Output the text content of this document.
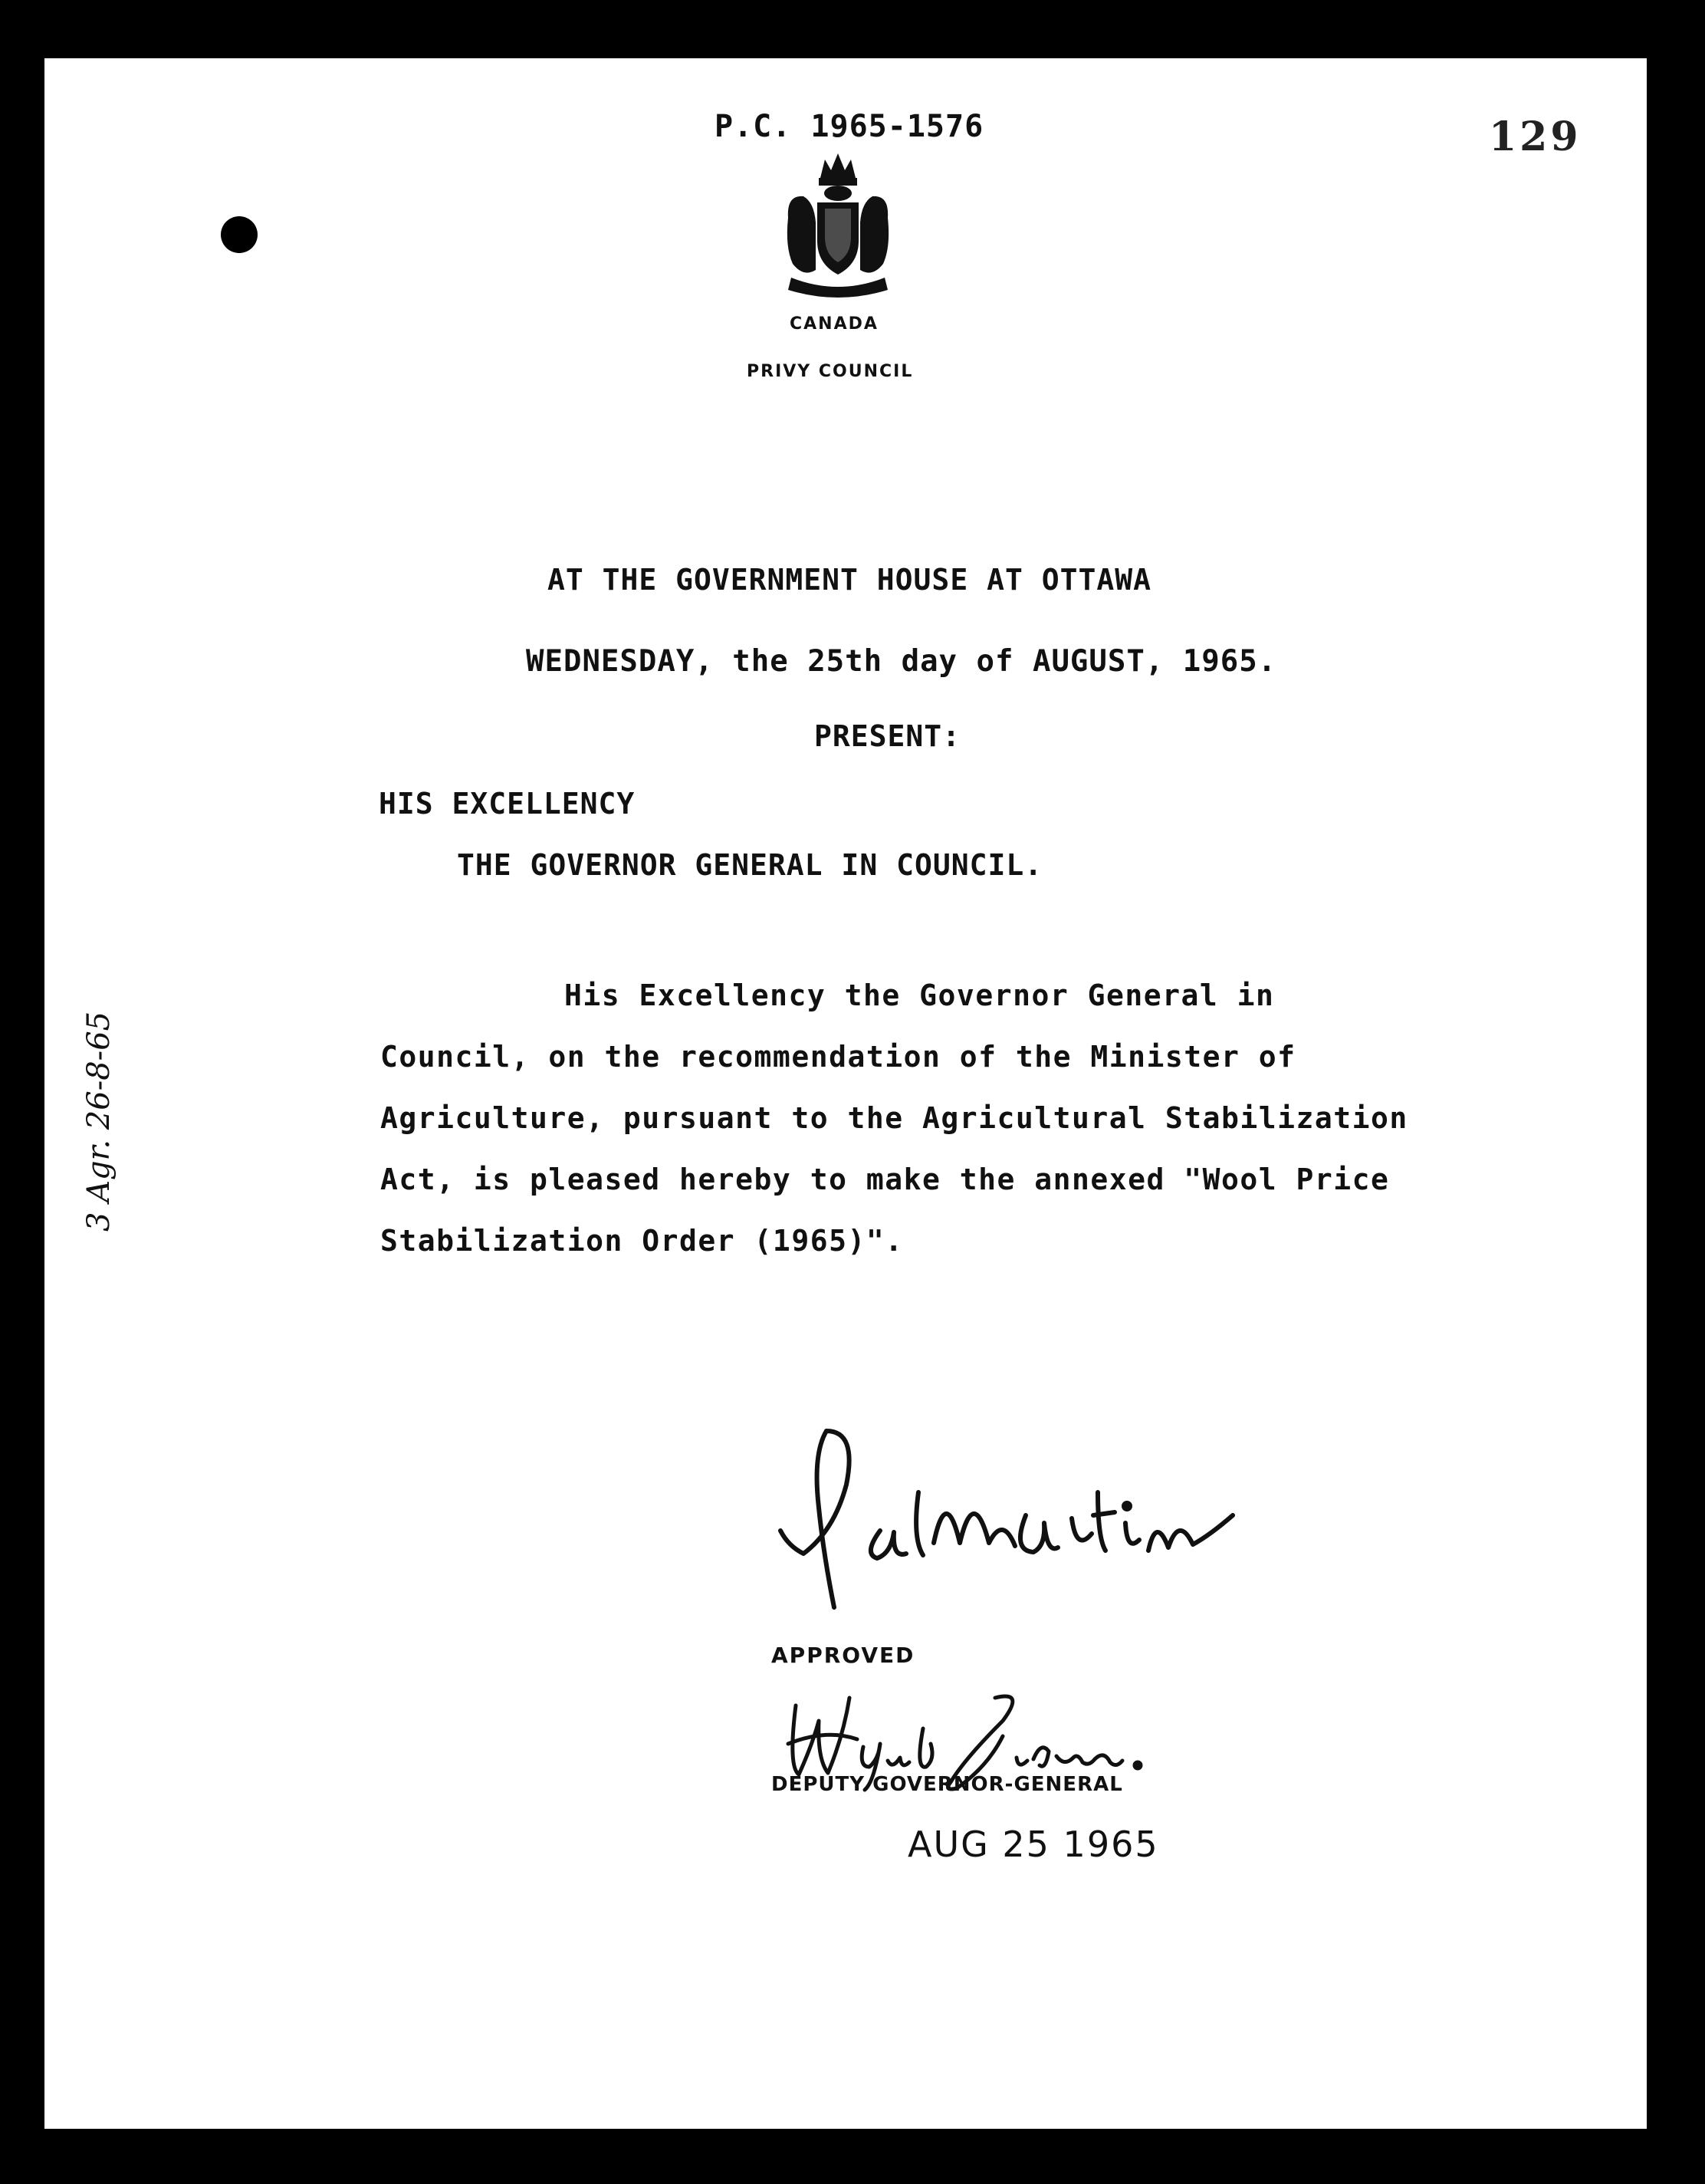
P.C. 1965-1576	129
CANADA
PRIVY COUNCIL
AT THE GOVERNMENT HOUSE AT OTTAWA
WEDNESDAY, the 25th day of AUGUST, 1965.
PRESENT:
HIS EXCELLENCY
THE GOVERNOR GENERAL IN COUNCIL.
His Excellency the Governor General in
Council, on the recommendation of the Minister of
Agriculture, pursuant to the Agricultural Stabilization
Act, is pleased hereby to make the annexed "Wool Price
Stabilization Order (1965)".
3 Agr. 26-8-65
APPROVED
DEPUTY GOVERNOR-GENERAL
AUG 25 1965
